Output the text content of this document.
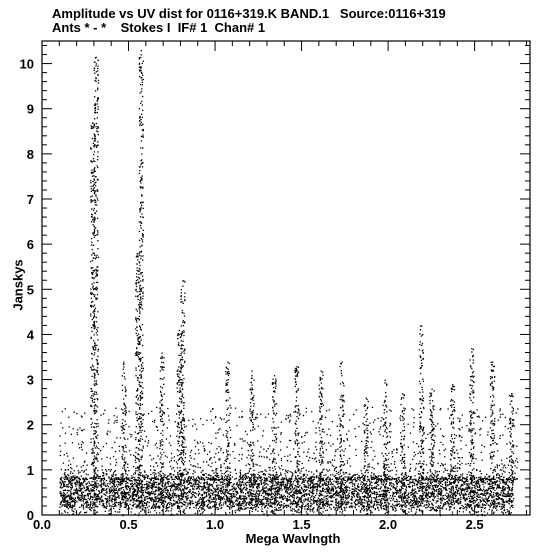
Amplitude vs UV dist for 0116+319.K BAND.1   Source:0116+319
Ants * - *    Stokes I  IF# 1  Chan# 1
0.0	0.5	1.0	1.5	2.0	2.5
0
1
2
3
4
5
6
7
8
9
10
Mega Wavlngth
Janskys
